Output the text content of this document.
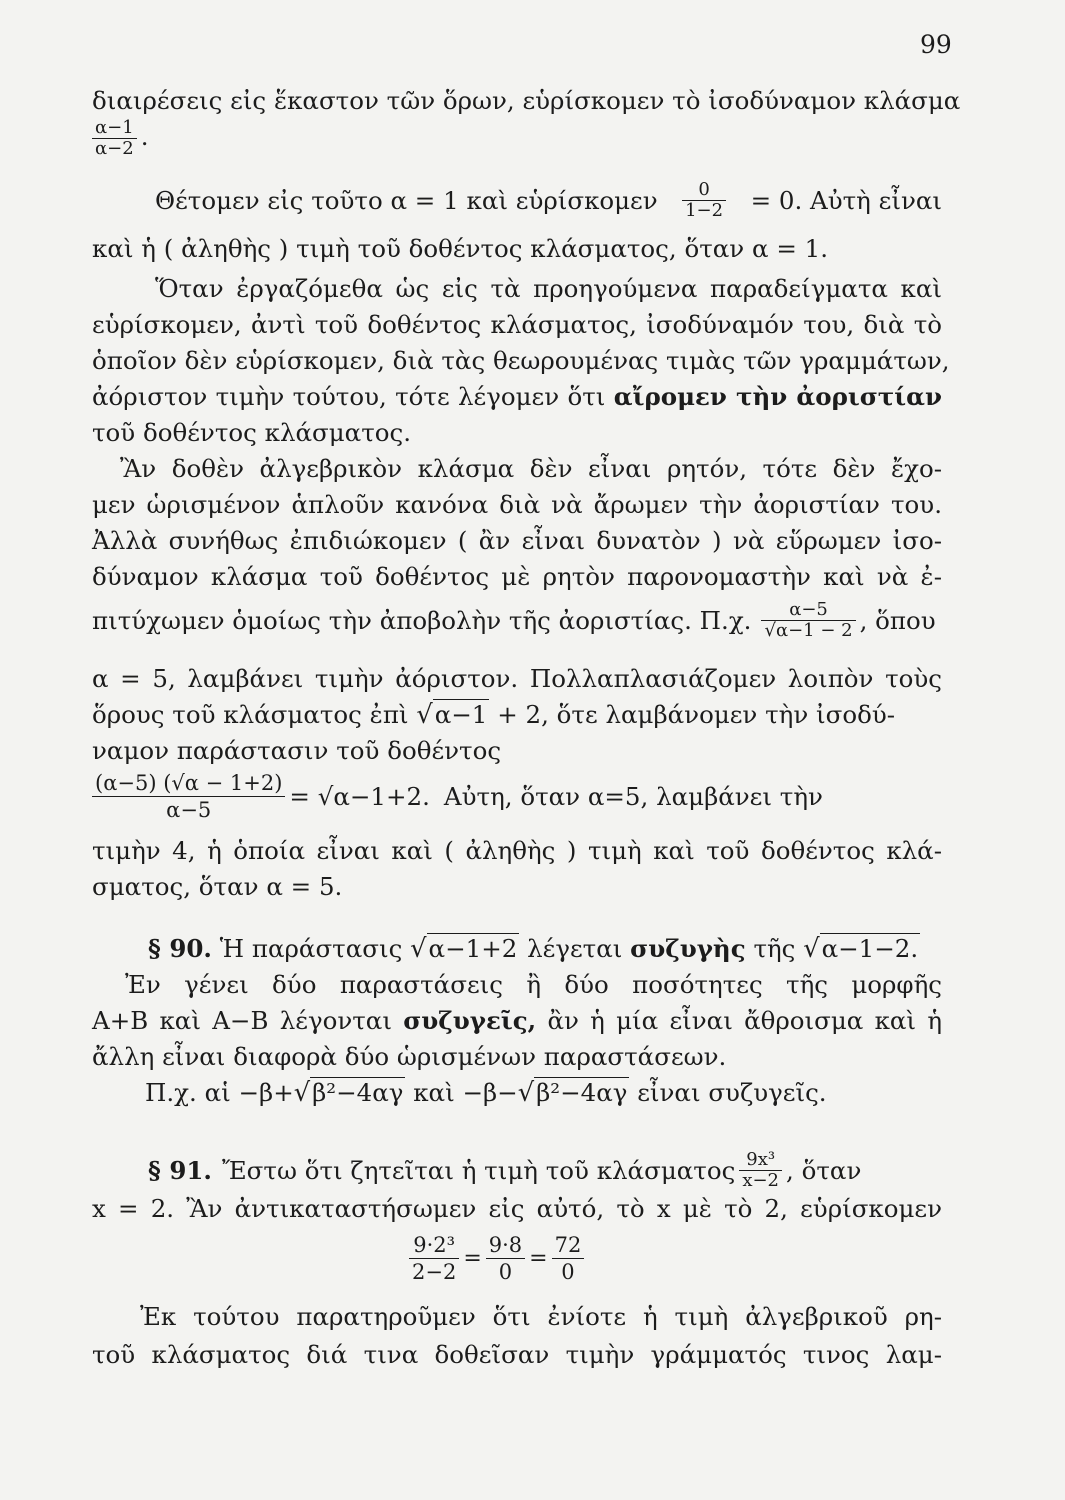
99
διαιρέσεις εἰς ἕκαστον τῶν ὅρων, εὑρίσκομεν τὸ ἰσοδύναμον κλάσμα
$\frac{\alpha-1}{\alpha-2}$ .
Θέτομεν εἰς τοῦτο α = 1 καὶ εὑρίσκομεν $\frac{0}{1-2} = 0$. Αὐτὴ εἶναι
καὶ ἡ ( ἀληθὴς ) τιμὴ τοῦ δοθέντος κλάσματος, ὅταν α = 1.
Ὅταν ἐργαζόμεθα ὡς εἰς τὰ προηγούμενα παραδείγματα καὶ
εὑρίσκομεν, ἀντὶ τοῦ δοθέντος κλάσματος, ἰσοδύναμόν του, διὰ τὸ
ὁποῖον δὲν εὑρίσκομεν, διὰ τὰς θεωρουμένας τιμὰς τῶν γραμμάτων,
ἀόριστον τιμὴν τούτου, τότε λέγομεν ὅτι αἴρομεν τὴν ἀοριστίαν
τοῦ δοθέντος κλάσματος.
Ἂν δοθὲν ἀλγεβρικὸν κλάσμα δὲν εἶναι ρητόν, τότε δὲν ἔχο-
μεν ὡρισμένον ἁπλοῦν κανόνα διὰ νὰ ἄρωμεν τὴν ἀοριστίαν του.
Ἀλλὰ συνήθως ἐπιδιώκομεν ( ἂν εἶναι δυνατὸν ) νὰ εὕρωμεν ἰσο-
δύναμον κλάσμα τοῦ δοθέντος μὲ ρητὸν παρονομαστὴν καὶ νὰ ἐ-
πιτύχωμεν ὁμοίως τὴν ἀποβολὴν τῆς ἀοριστίας. Π.χ. $\frac{\alpha-5}{√\alpha-1 - 2}$ , ὅπου
α = 5, λαμβάνει τιμὴν ἀόριστον. Πολλαπλασιάζομεν λοιπὸν τοὺς
ὅρους τοῦ κλάσματος ἐπὶ √α−1 + 2, ὅτε λαμβάνομεν τὴν ἰσοδύ-
ναμον παράστασιν τοῦ δοθέντος
$\frac{(\alpha-5) (√\alpha - 1+2)}{\alpha-5} = √\alpha-1+2$. Αὐτη, ὅταν α=5, λαμβάνει τὴν
τιμὴν 4, ἡ ὁποία εἶναι καὶ ( ἀληθὴς ) τιμὴ καὶ τοῦ δοθέντος κλά-
σματος, ὅταν α = 5.
§ 90. Ἡ παράστασις √α−1+2 λέγεται συζυγὴς τῆς √α−1−2.
Ἐν γένει δύο παραστάσεις ἢ δύο ποσότητες τῆς μορφῆς
Α+Β καὶ Α−Β λέγονται συζυγεῖς, ἂν ἡ μία εἶναι ἄθροισμα καὶ ἡ
ἄλλη εἶναι διαφορὰ δύο ὡρισμένων παραστάσεων.
Π.χ. αἱ −β+√β²−4αγ καὶ −β−√β²−4αγ εἶναι συζυγεῖς.
§ 91. Ἔστω ὅτι ζητεῖται ἡ τιμὴ τοῦ κλάσματος $\frac{\text{9x³}}{x-2}$ , ὅταν
x = 2. Ἂν ἀντικαταστήσωμεν εἰς αὐτό, τὸ x μὲ τὸ 2, εὑρίσκομεν
$\frac{\text{9·2³}}{2-2} = \frac{9\cdot 8}{0} = \frac{72}{0}$
Ἐκ τούτου παρατηροῦμεν ὅτι ἐνίοτε ἡ τιμὴ ἀλγεβρικοῦ ρη-
τοῦ κλάσματος διά τινα δοθεῖσαν τιμὴν γράμματός τινος λαμ-
